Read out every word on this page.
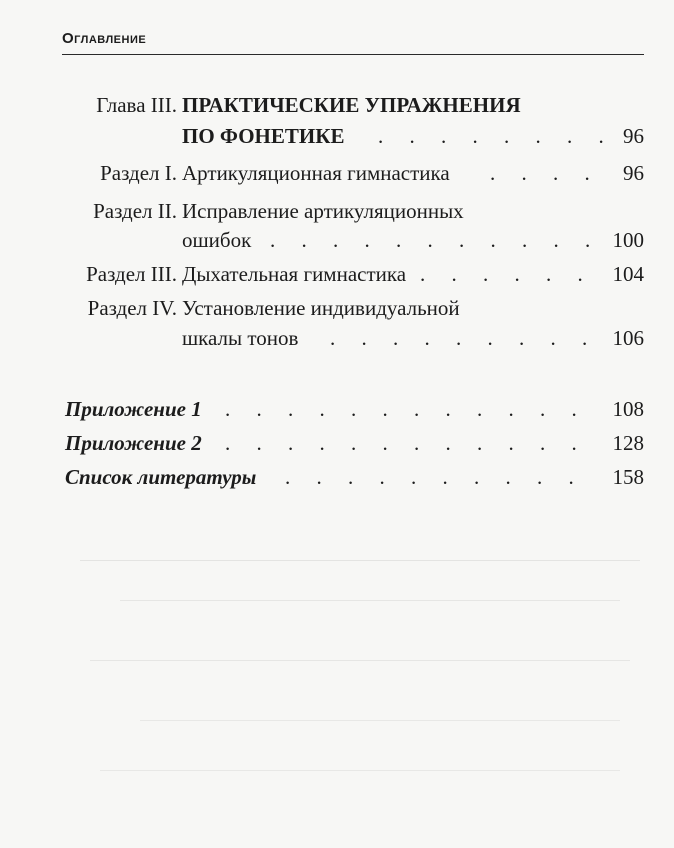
Оглавление
Глава III. ПРАКТИЧЕСКИЕ УПРАЖНЕНИЯ
ПО ФОНЕТИКЕ .	96
Раздел I. Артикуляционная гимнастика .	96
Раздел II. Исправление артикуляционных
ошибок .	100
Раздел III. Дыхательная гимнастика .	104
Раздел IV. Установление индивидуальной
шкалы тонов .	106
Приложение 1 .	108
Приложение 2 .	128
Список литературы .	158
